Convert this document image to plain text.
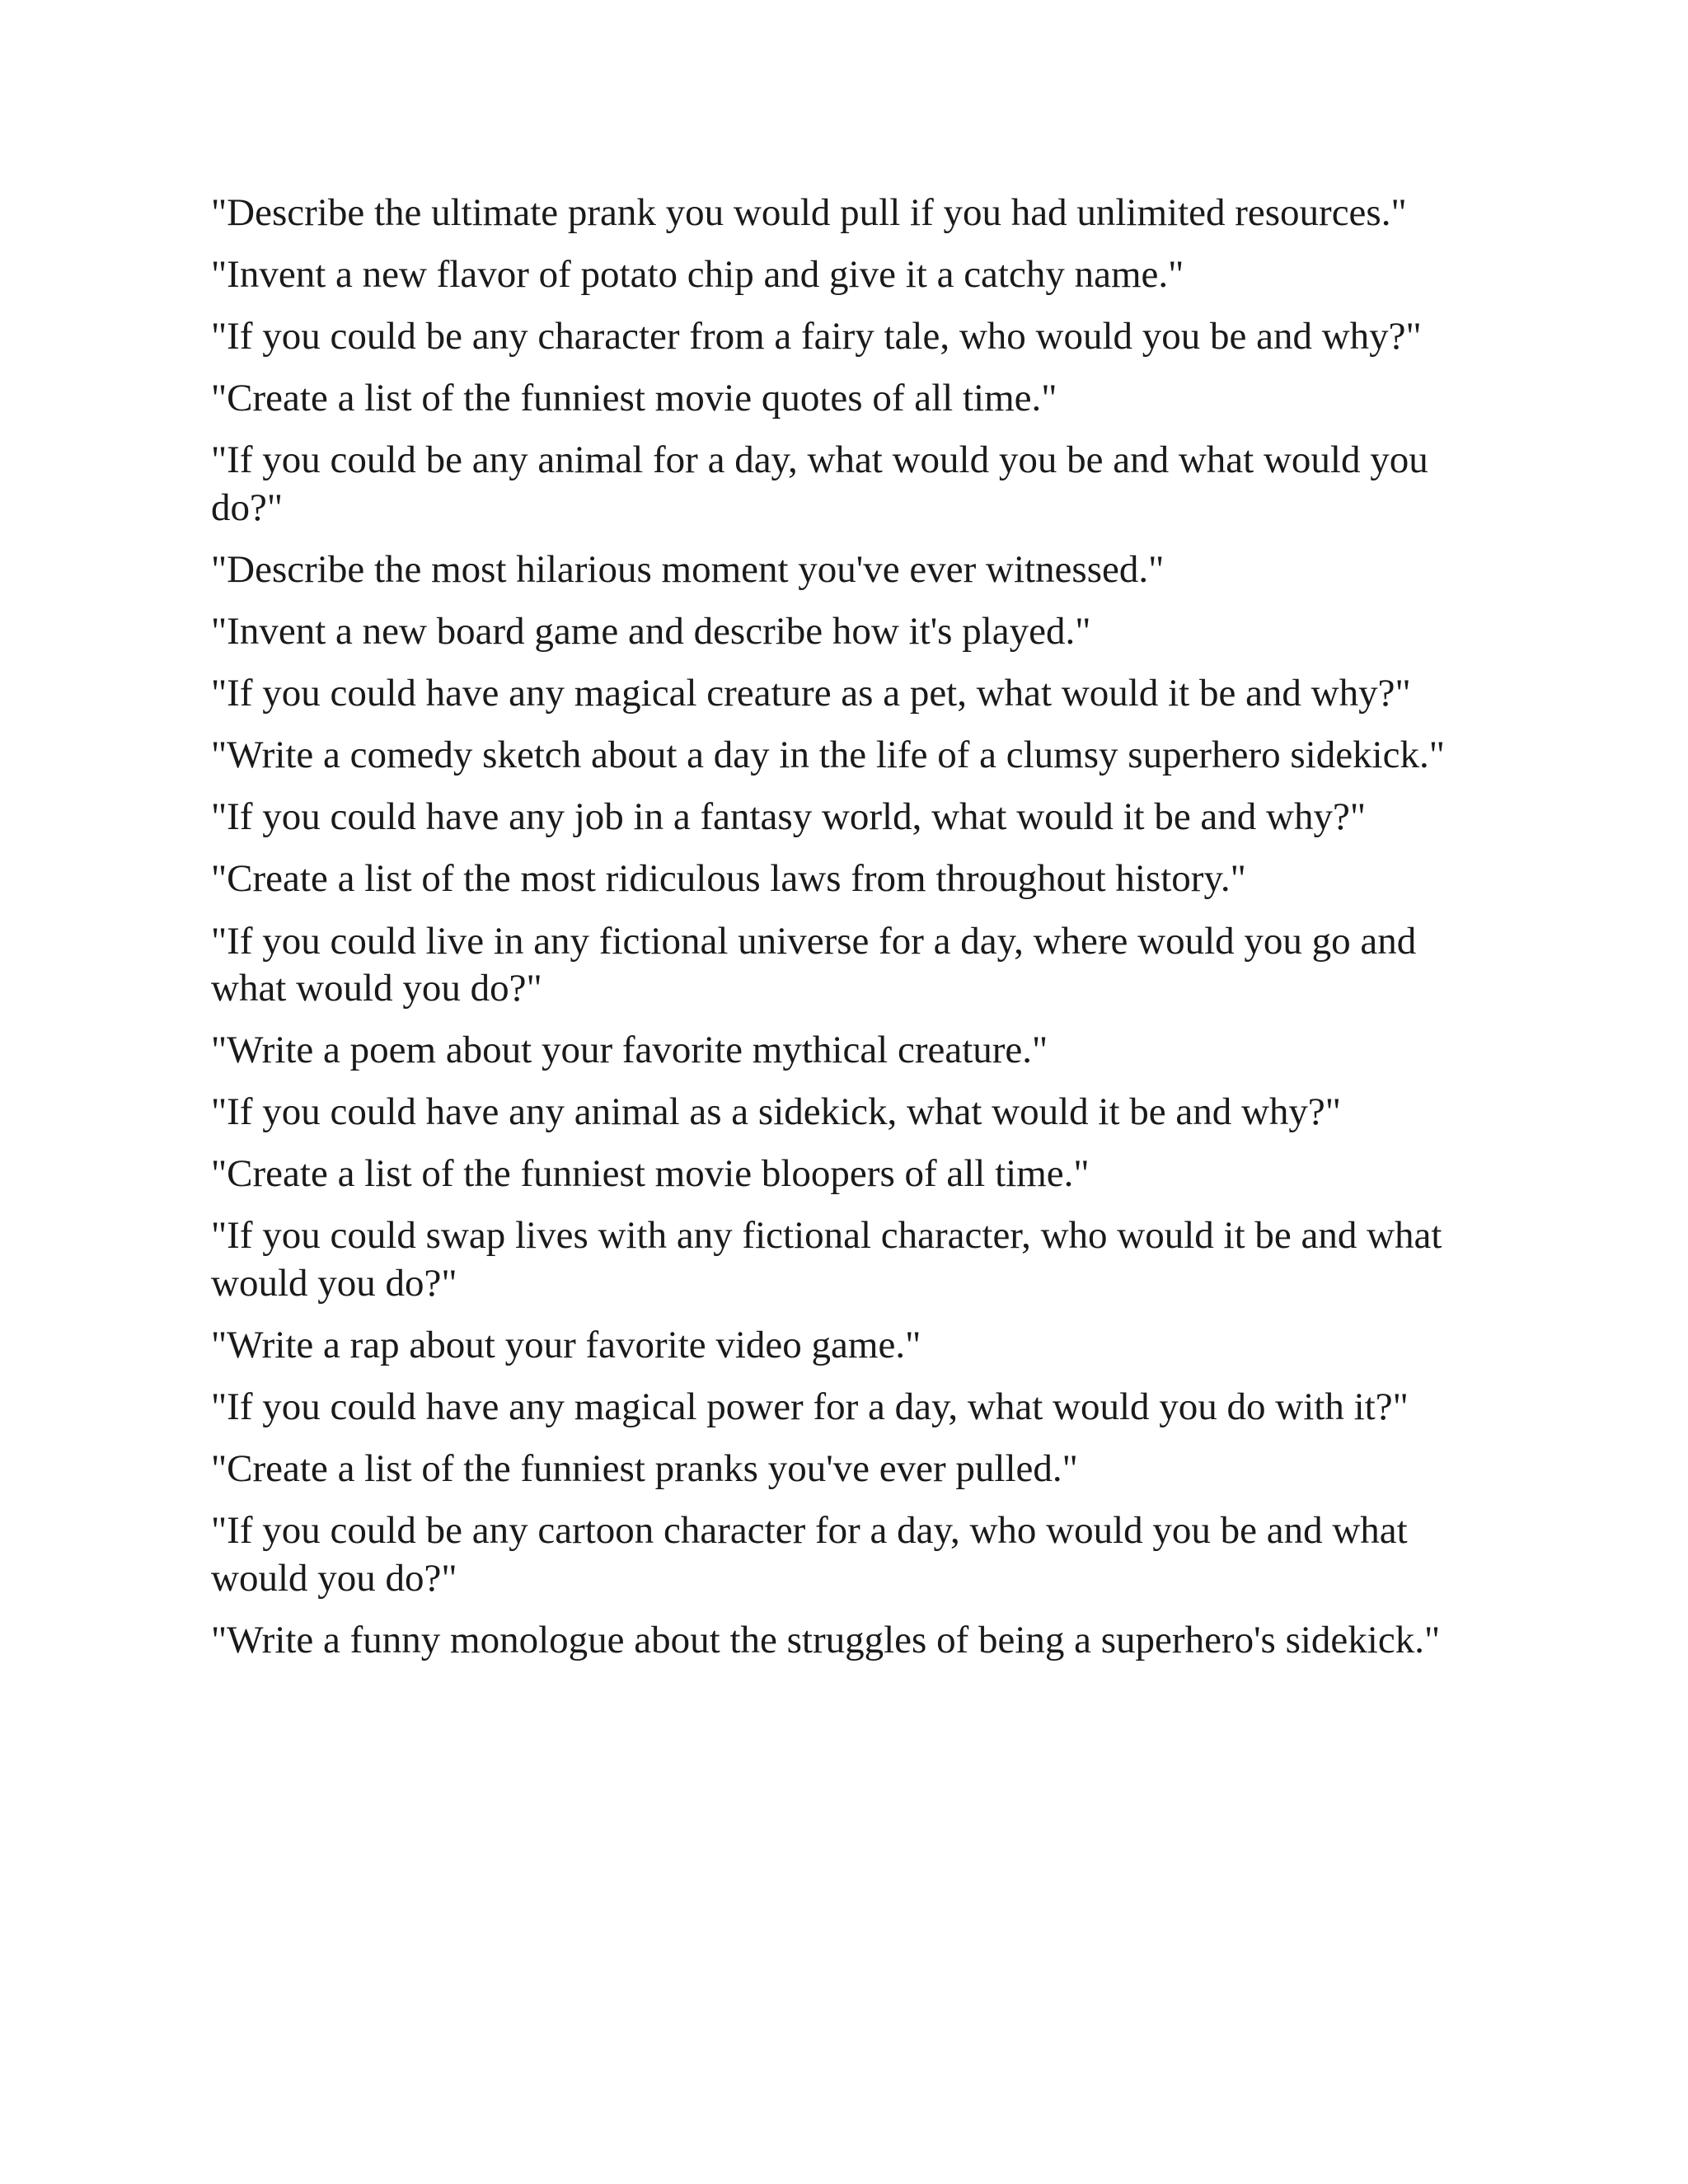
"Describe the ultimate prank you would pull if you had unlimited resources."
"Invent a new flavor of potato chip and give it a catchy name."
"If you could be any character from a fairy tale, who would you be and why?"
"Create a list of the funniest movie quotes of all time."
"If you could be any animal for a day, what would you be and what would you do?"
"Describe the most hilarious moment you've ever witnessed."
"Invent a new board game and describe how it's played."
"If you could have any magical creature as a pet, what would it be and why?"
"Write a comedy sketch about a day in the life of a clumsy superhero sidekick."
"If you could have any job in a fantasy world, what would it be and why?"
"Create a list of the most ridiculous laws from throughout history."
"If you could live in any fictional universe for a day, where would you go and what would you do?"
"Write a poem about your favorite mythical creature."
"If you could have any animal as a sidekick, what would it be and why?"
"Create a list of the funniest movie bloopers of all time."
"If you could swap lives with any fictional character, who would it be and what would you do?"
"Write a rap about your favorite video game."
"If you could have any magical power for a day, what would you do with it?"
"Create a list of the funniest pranks you've ever pulled."
"If you could be any cartoon character for a day, who would you be and what would you do?"
"Write a funny monologue about the struggles of being a superhero's sidekick."
